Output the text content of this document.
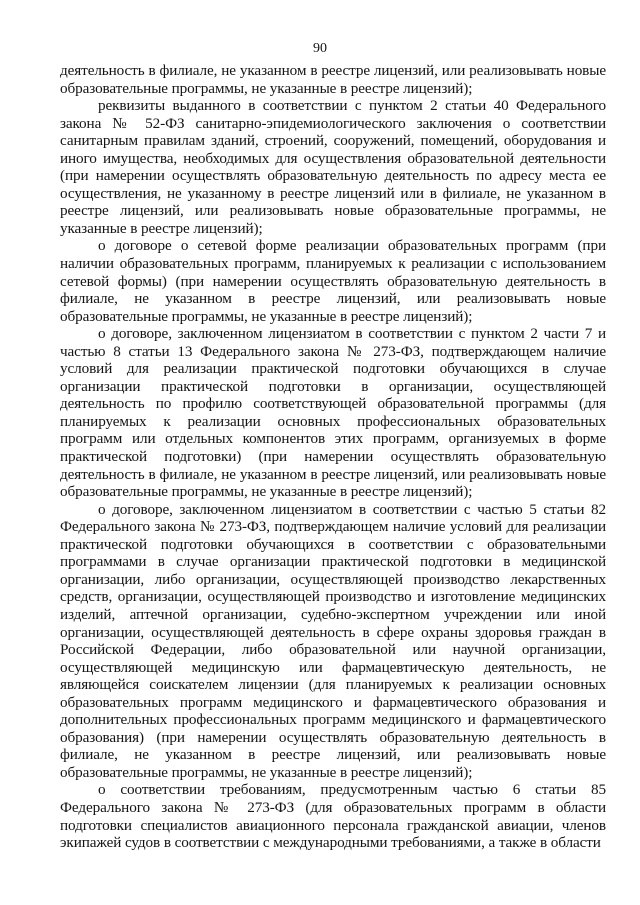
90

деятельность в филиале, не указанном в реестре лицензий, или реализовывать новые образовательные программы, не указанные в реестре лицензий);

реквизиты выданного в соответствии с пунктом 2 статьи 40 Федерального закона № 52-ФЗ санитарно-эпидемиологического заключения о соответствии санитарным правилам зданий, строений, сооружений, помещений, оборудования и иного имущества, необходимых для осуществления образовательной деятельности (при намерении осуществлять образовательную деятельность по адресу места ее осуществления, не указанному в реестре лицензий или в филиале, не указанном в реестре лицензий, или реализовывать новые образовательные программы, не указанные в реестре лицензий);

о договоре о сетевой форме реализации образовательных программ (при наличии образовательных программ, планируемых к реализации с использованием сетевой формы) (при намерении осуществлять образовательную деятельность в филиале, не указанном в реестре лицензий, или реализовывать новые образовательные программы, не указанные в реестре лицензий);

о договоре, заключенном лицензиатом в соответствии с пунктом 2 части 7 и частью 8 статьи 13 Федерального закона № 273-ФЗ, подтверждающем наличие условий для реализации практической подготовки обучающихся в случае организации практической подготовки в организации, осуществляющей деятельность по профилю соответствующей образовательной программы (для планируемых к реализации основных профессиональных образовательных программ или отдельных компонентов этих программ, организуемых в форме практической подготовки) (при намерении осуществлять образовательную деятельность в филиале, не указанном в реестре лицензий, или реализовывать новые образовательные программы, не указанные в реестре лицензий);

о договоре, заключенном лицензиатом в соответствии с частью 5 статьи 82 Федерального закона № 273-ФЗ, подтверждающем наличие условий для реализации практической подготовки обучающихся в соответствии с образовательными программами в случае организации практической подготовки в медицинской организации, либо организации, осуществляющей производство лекарственных средств, организации, осуществляющей производство и изготовление медицинских изделий, аптечной организации, судебно-экспертном учреждении или иной организации, осуществляющей деятельность в сфере охраны здоровья граждан в Российской Федерации, либо образовательной или научной организации, осуществляющей медицинскую или фармацевтическую деятельность, не являющейся соискателем лицензии (для планируемых к реализации основных образовательных программ медицинского и фармацевтического образования и дополнительных профессиональных программ медицинского и фармацевтического образования) (при намерении осуществлять образовательную деятельность в филиале, не указанном в реестре лицензий, или реализовывать новые образовательные программы, не указанные в реестре лицензий);

о соответствии требованиям, предусмотренным частью 6 статьи 85 Федерального закона № 273-ФЗ (для образовательных программ в области подготовки специалистов авиационного персонала гражданской авиации, членов экипажей судов в соответствии с международными требованиями, а также в области
